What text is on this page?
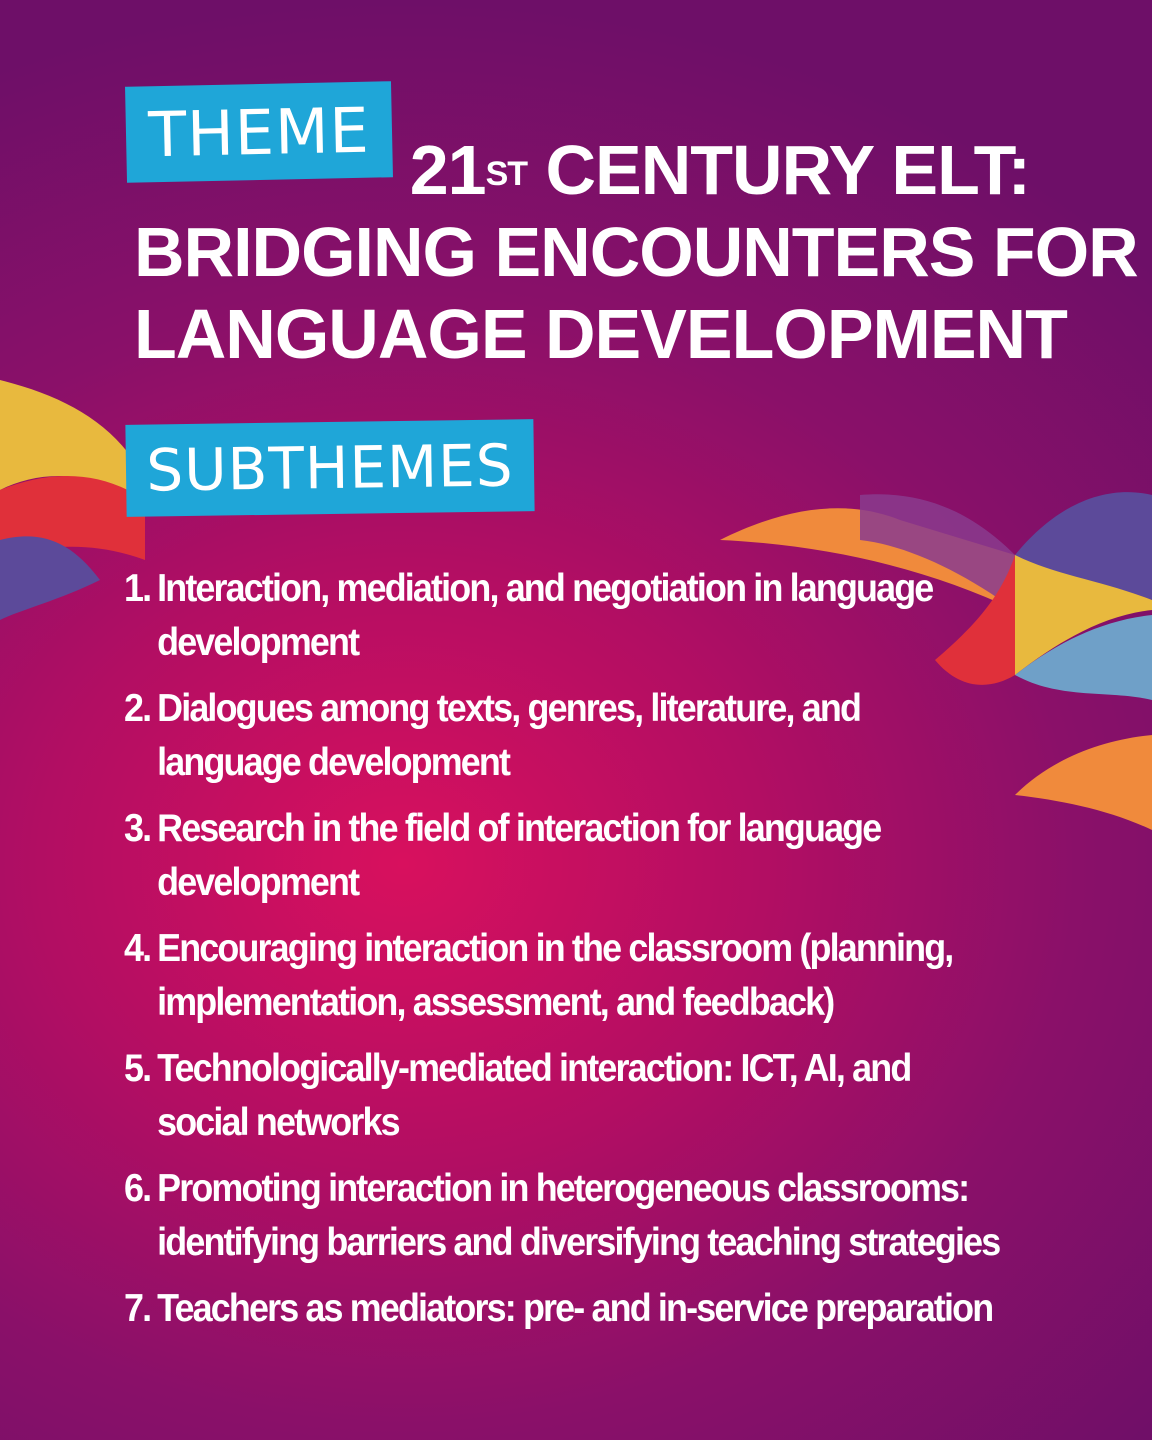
THEME 21ST CENTURY ELT:
BRIDGING ENCOUNTERS FOR
LANGUAGE DEVELOPMENT
SUBTHEMES
1. Interaction, mediation, and negotiation in language development
2. Dialogues among texts, genres, literature, and language development
3. Research in the field of interaction for language development
4. Encouraging interaction in the classroom (planning, implementation, assessment, and feedback)
5. Technologically-mediated interaction: ICT, AI, and social networks
6. Promoting interaction in heterogeneous classrooms: identifying barriers and diversifying teaching strategies
7. Teachers as mediators: pre- and in-service preparation
